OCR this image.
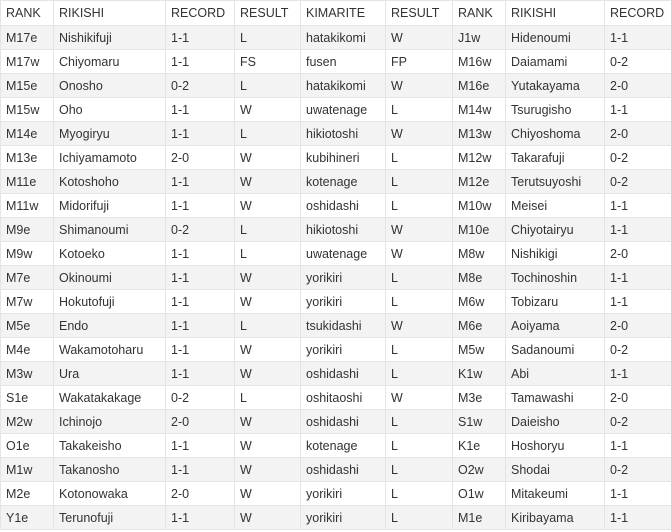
RANK	RIKISHI	RECORD	RESULT	KIMARITE	RESULT	RANK	RIKISHI	RECORD
M17e	Nishikifuji	1-1	L	hatakikomi	W	J1w	Hidenoumi	1-1
M17w	Chiyomaru	1-1	FS	fusen	FP	M16w	Daiamami	0-2
M15e	Onosho	0-2	L	hatakikomi	W	M16e	Yutakayama	2-0
M15w	Oho	1-1	W	uwatenage	L	M14w	Tsurugisho	1-1
M14e	Myogiryu	1-1	L	hikiotoshi	W	M13w	Chiyoshoma	2-0
M13e	Ichiyamamoto	2-0	W	kubihineri	L	M12w	Takarafuji	0-2
M11e	Kotoshoho	1-1	W	kotenage	L	M12e	Terutsuyoshi	0-2
M11w	Midorifuji	1-1	W	oshidashi	L	M10w	Meisei	1-1
M9e	Shimanoumi	0-2	L	hikiotoshi	W	M10e	Chiyotairyu	1-1
M9w	Kotoeko	1-1	L	uwatenage	W	M8w	Nishikigi	2-0
M7e	Okinoumi	1-1	W	yorikiri	L	M8e	Tochinoshin	1-1
M7w	Hokutofuji	1-1	W	yorikiri	L	M6w	Tobizaru	1-1
M5e	Endo	1-1	L	tsukidashi	W	M6e	Aoiyama	2-0
M4e	Wakamotoharu	1-1	W	yorikiri	L	M5w	Sadanoumi	0-2
M3w	Ura	1-1	W	oshidashi	L	K1w	Abi	1-1
S1e	Wakatakakage	0-2	L	oshitaoshi	W	M3e	Tamawashi	2-0
M2w	Ichinojo	2-0	W	oshidashi	L	S1w	Daieisho	0-2
O1e	Takakeisho	1-1	W	kotenage	L	K1e	Hoshoryu	1-1
M1w	Takanosho	1-1	W	oshidashi	L	O2w	Shodai	0-2
M2e	Kotonowaka	2-0	W	yorikiri	L	O1w	Mitakeumi	1-1
Y1e	Terunofuji	1-1	W	yorikiri	L	M1e	Kiribayama	1-1
